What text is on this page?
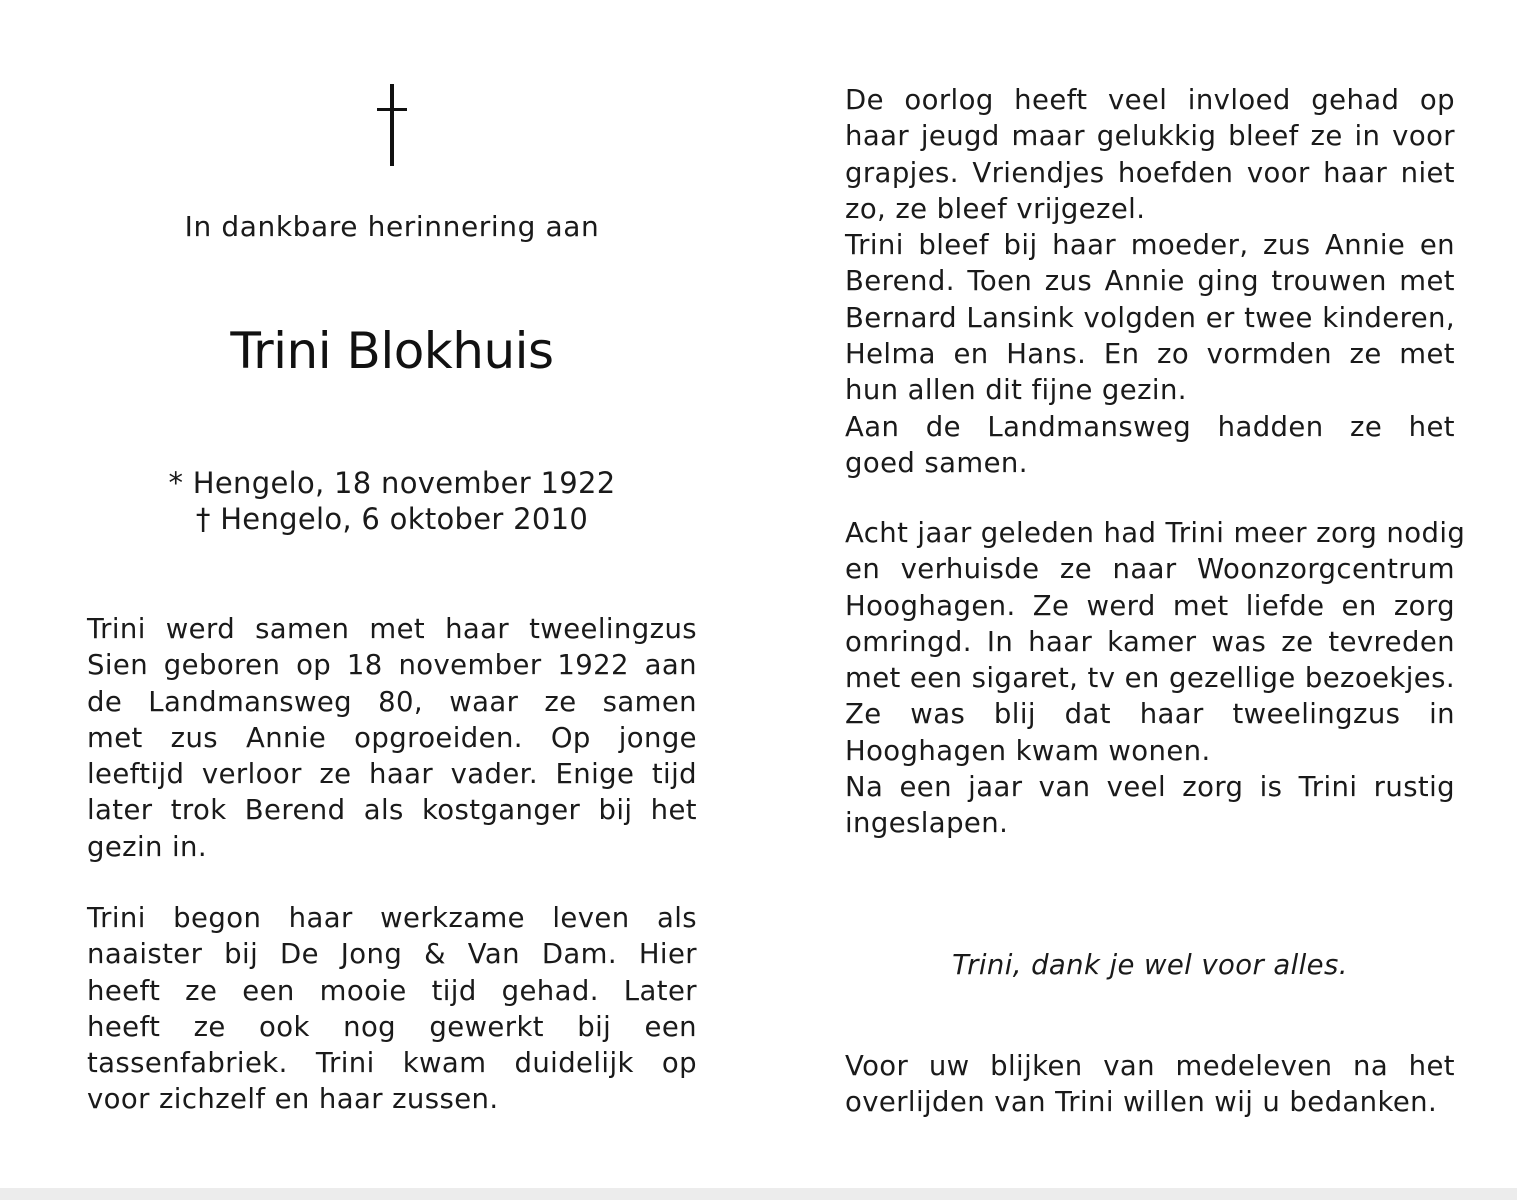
In dankbare herinnering aan
Trini Blokhuis
* Hengelo, 18 november 1922
† Hengelo, 6 oktober 2010
Trini werd samen met haar tweelingzus
Sien geboren op 18 november 1922 aan
de Landmansweg 80, waar ze samen
met zus Annie opgroeiden. Op jonge
leeftijd verloor ze haar vader. Enige tijd
later trok Berend als kostganger bij het
gezin in.
Trini begon haar werkzame leven als
naaister bij De Jong & Van Dam. Hier
heeft ze een mooie tijd gehad. Later
heeft ze ook nog gewerkt bij een
tassenfabriek. Trini kwam duidelijk op
voor zichzelf en haar zussen.
De oorlog heeft veel invloed gehad op
haar jeugd maar gelukkig bleef ze in voor
grapjes. Vriendjes hoefden voor haar niet
zo, ze bleef vrijgezel.
Trini bleef bij haar moeder, zus Annie en
Berend. Toen zus Annie ging trouwen met
Bernard Lansink volgden er twee kinderen,
Helma en Hans. En zo vormden ze met
hun allen dit fijne gezin.
Aan de Landmansweg hadden ze het
goed samen.
Acht jaar geleden had Trini meer zorg nodig
en verhuisde ze naar Woonzorgcentrum
Hooghagen. Ze werd met liefde en zorg
omringd. In haar kamer was ze tevreden
met een sigaret, tv en gezellige bezoekjes.
Ze was blij dat haar tweelingzus in
Hooghagen kwam wonen.
Na een jaar van veel zorg is Trini rustig
ingeslapen.
Trini, dank je wel voor alles.
Voor uw blijken van medeleven na het
overlijden van Trini willen wij u bedanken.
